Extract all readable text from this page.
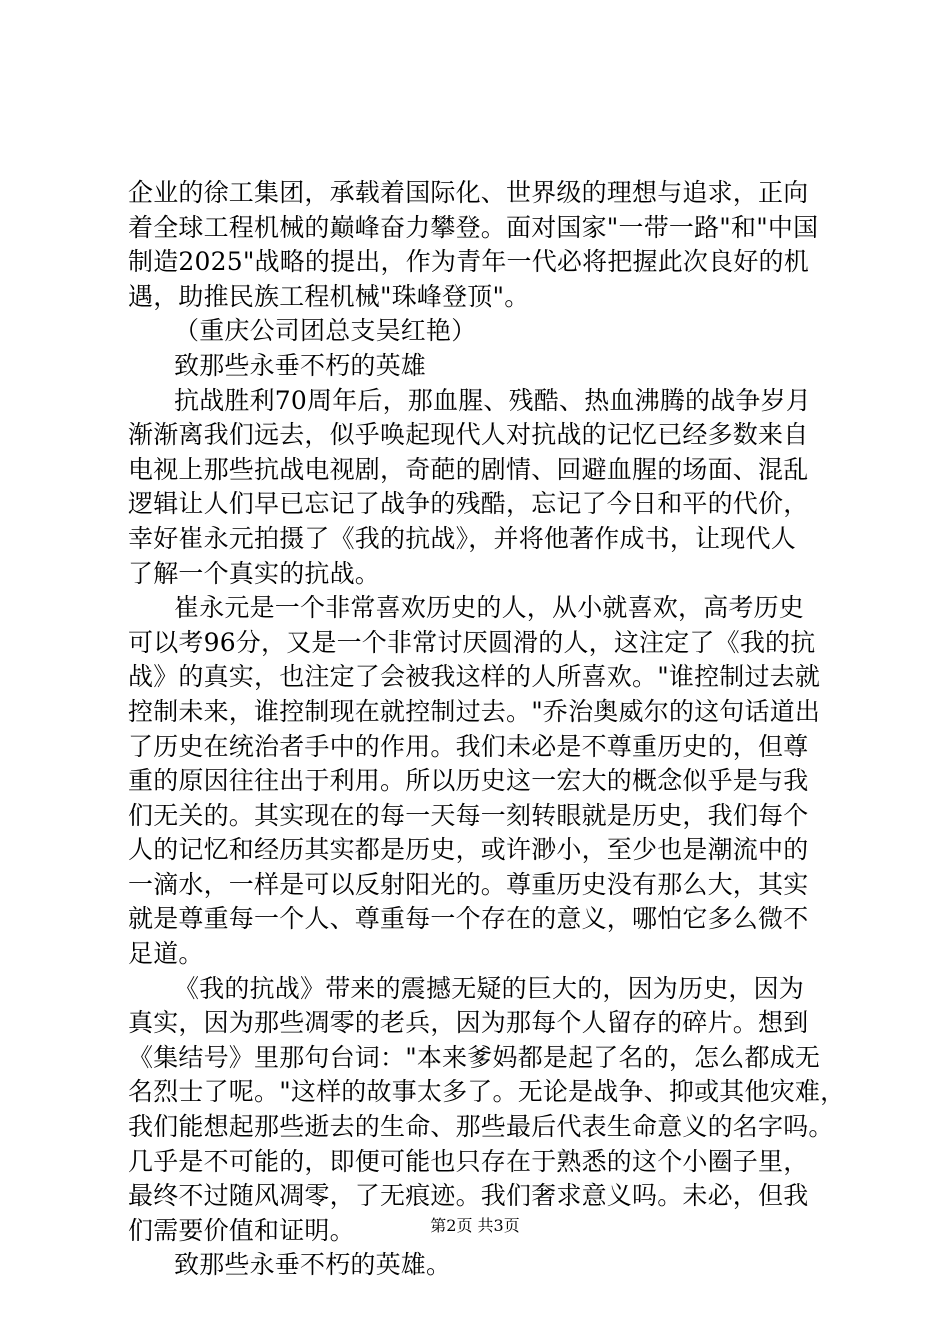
企业的徐工集团，承载着国际化、世界级的理想与追求，正向
着全球工程机械的巅峰奋力攀登。面对国家"一带一路"和"中国
制造2025"战略的提出，作为青年一代必将把握此次良好的机
遇，助推民族工程机械"珠峰登顶"。
（重庆公司团总支吴红艳）
致那些永垂不朽的英雄
抗战胜利70周年后，那血腥、残酷、热血沸腾的战争岁月
渐渐离我们远去，似乎唤起现代人对抗战的记忆已经多数来自
电视上那些抗战电视剧，奇葩的剧情、回避血腥的场面、混乱
逻辑让人们早已忘记了战争的残酷，忘记了今日和平的代价，
幸好崔永元拍摄了《我的抗战》，并将他著作成书，让现代人
了解一个真实的抗战。
崔永元是一个非常喜欢历史的人，从小就喜欢，高考历史
可以考96分，又是一个非常讨厌圆滑的人，这注定了《我的抗
战》的真实，也注定了会被我这样的人所喜欢。"谁控制过去就
控制未来，谁控制现在就控制过去。"乔治奥威尔的这句话道出
了历史在统治者手中的作用。我们未必是不尊重历史的，但尊
重的原因往往出于利用。所以历史这一宏大的概念似乎是与我
们无关的。其实现在的每一天每一刻转眼就是历史，我们每个
人的记忆和经历其实都是历史，或许渺小，至少也是潮流中的
一滴水，一样是可以反射阳光的。尊重历史没有那么大，其实
就是尊重每一个人、尊重每一个存在的意义，哪怕它多么微不
足道。
《我的抗战》带来的震撼无疑的巨大的，因为历史，因为
真实，因为那些凋零的老兵，因为那每个人留存的碎片。想到
《集结号》里那句台词："本来爹妈都是起了名的，怎么都成无
名烈士了呢。"这样的故事太多了。无论是战争、抑或其他灾难，
我们能想起那些逝去的生命、那些最后代表生命意义的名字吗。
几乎是不可能的，即便可能也只存在于熟悉的这个小圈子里，
最终不过随风凋零，了无痕迹。我们奢求意义吗。未必，但我
们需要价值和证明。
致那些永垂不朽的英雄。
第2页 共3页
